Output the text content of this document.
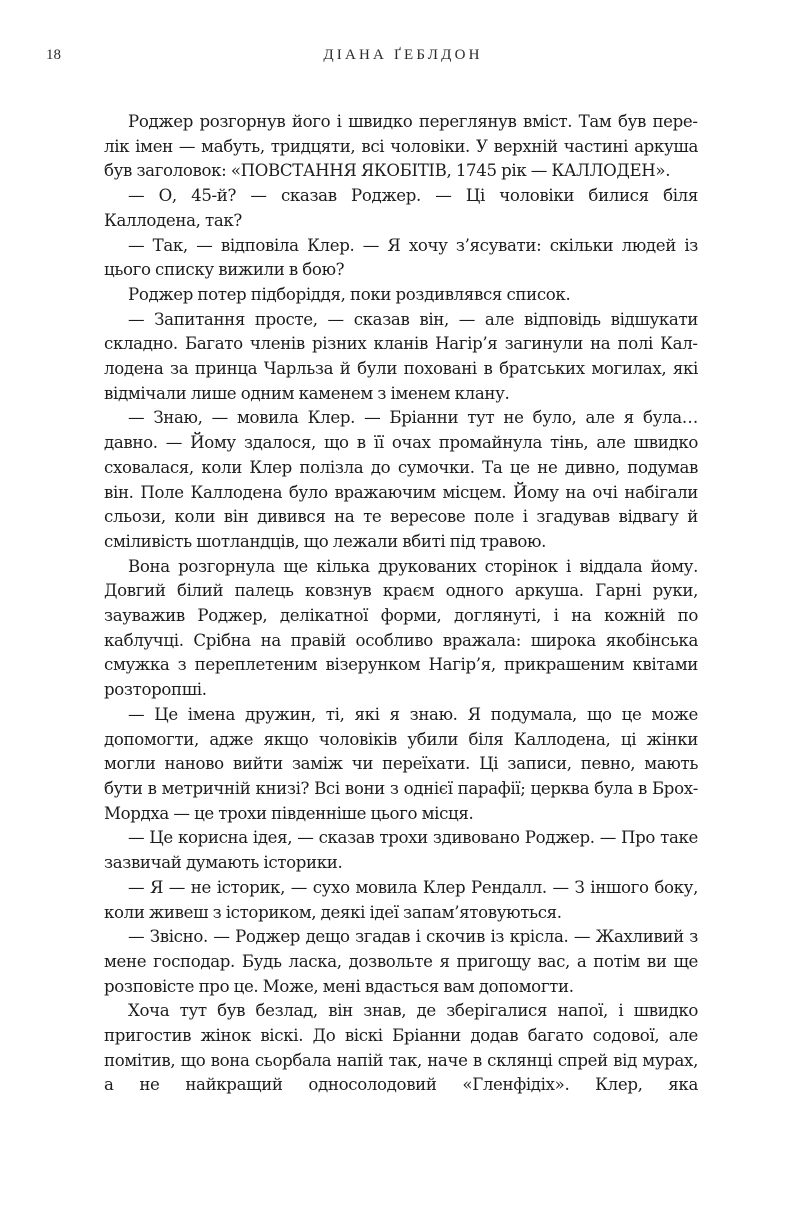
18	ДІАНА ҐЕБЛДОН

Роджер розгорнув його і швидко переглянув вміст. Там був перелік імен — мабуть, тридцяти, всі чоловіки. У верхній частині аркуша був заголовок: «ПОВСТАННЯ ЯКОБІТІВ, 1745 рік — КАЛЛОДЕН».

— О, 45-й? — сказав Роджер. — Ці чоловіки билися біля Каллодена, так?

— Так, — відповіла Клер. — Я хочу з’ясувати: скільки людей із цього списку вижили в бою?

Роджер потер підборіддя, поки роздивлявся список.

— Запитання просте, — сказав він, — але відповідь відшукати складно. Багато членів різних кланів Нагір’я загинули на полі Каллодена за принца Чарльза й були поховані в братських могилах, які відмічали лише одним каменем з іменем клану.

— Знаю, — мовила Клер. — Бріанни тут не було, але я була… давно. — Йому здалося, що в її очах промайнула тінь, але швидко сховалася, коли Клер полізла до сумочки. Та це не дивно, подумав він. Поле Каллодена було вражаючим місцем. Йому на очі набігали сльози, коли він дивився на те вересове поле і згадував відвагу й сміливість шотландців, що лежали вбиті під травою.

Вона розгорнула ще кілька друкованих сторінок і віддала йому. Довгий білий палець ковзнув краєм одного аркуша. Гарні руки, зауважив Роджер, делікатної форми, доглянуті, і на кожній по каблучці. Срібна на правій особливо вражала: широка якобінська смужка з переплетеним візерунком Нагір’я, прикрашеним квітами розторопші.

— Це імена дружин, ті, які я знаю. Я подумала, що це може допомогти, адже якщо чоловіків убили біля Каллодена, ці жінки могли наново вийти заміж чи переїхати. Ці записи, певно, мають бути в метричній книзі? Всі вони з однієї парафії; церква була в Брох-Мордха — це трохи південніше цього місця.

— Це корисна ідея, — сказав трохи здивовано Роджер. — Про таке зазвичай думають історики.

— Я — не історик, — сухо мовила Клер Рендалл. — З іншого боку, коли живеш з істориком, деякі ідеї запам’ятовуються.

— Звісно. — Роджер дещо згадав і скочив із крісла. — Жахливий з мене господар. Будь ласка, дозвольте я пригощу вас, а потім ви ще розповісте про це. Може, мені вдасться вам допомогти.

Хоча тут був безлад, він знав, де зберігалися напої, і швидко пригостив жінок віскі. До віскі Бріанни додав багато содової, але помітив, що вона сьорбала напій так, наче в склянці спрей від мурах, а не найкращий односолодовий «Гленфідіх». Клер, яка
